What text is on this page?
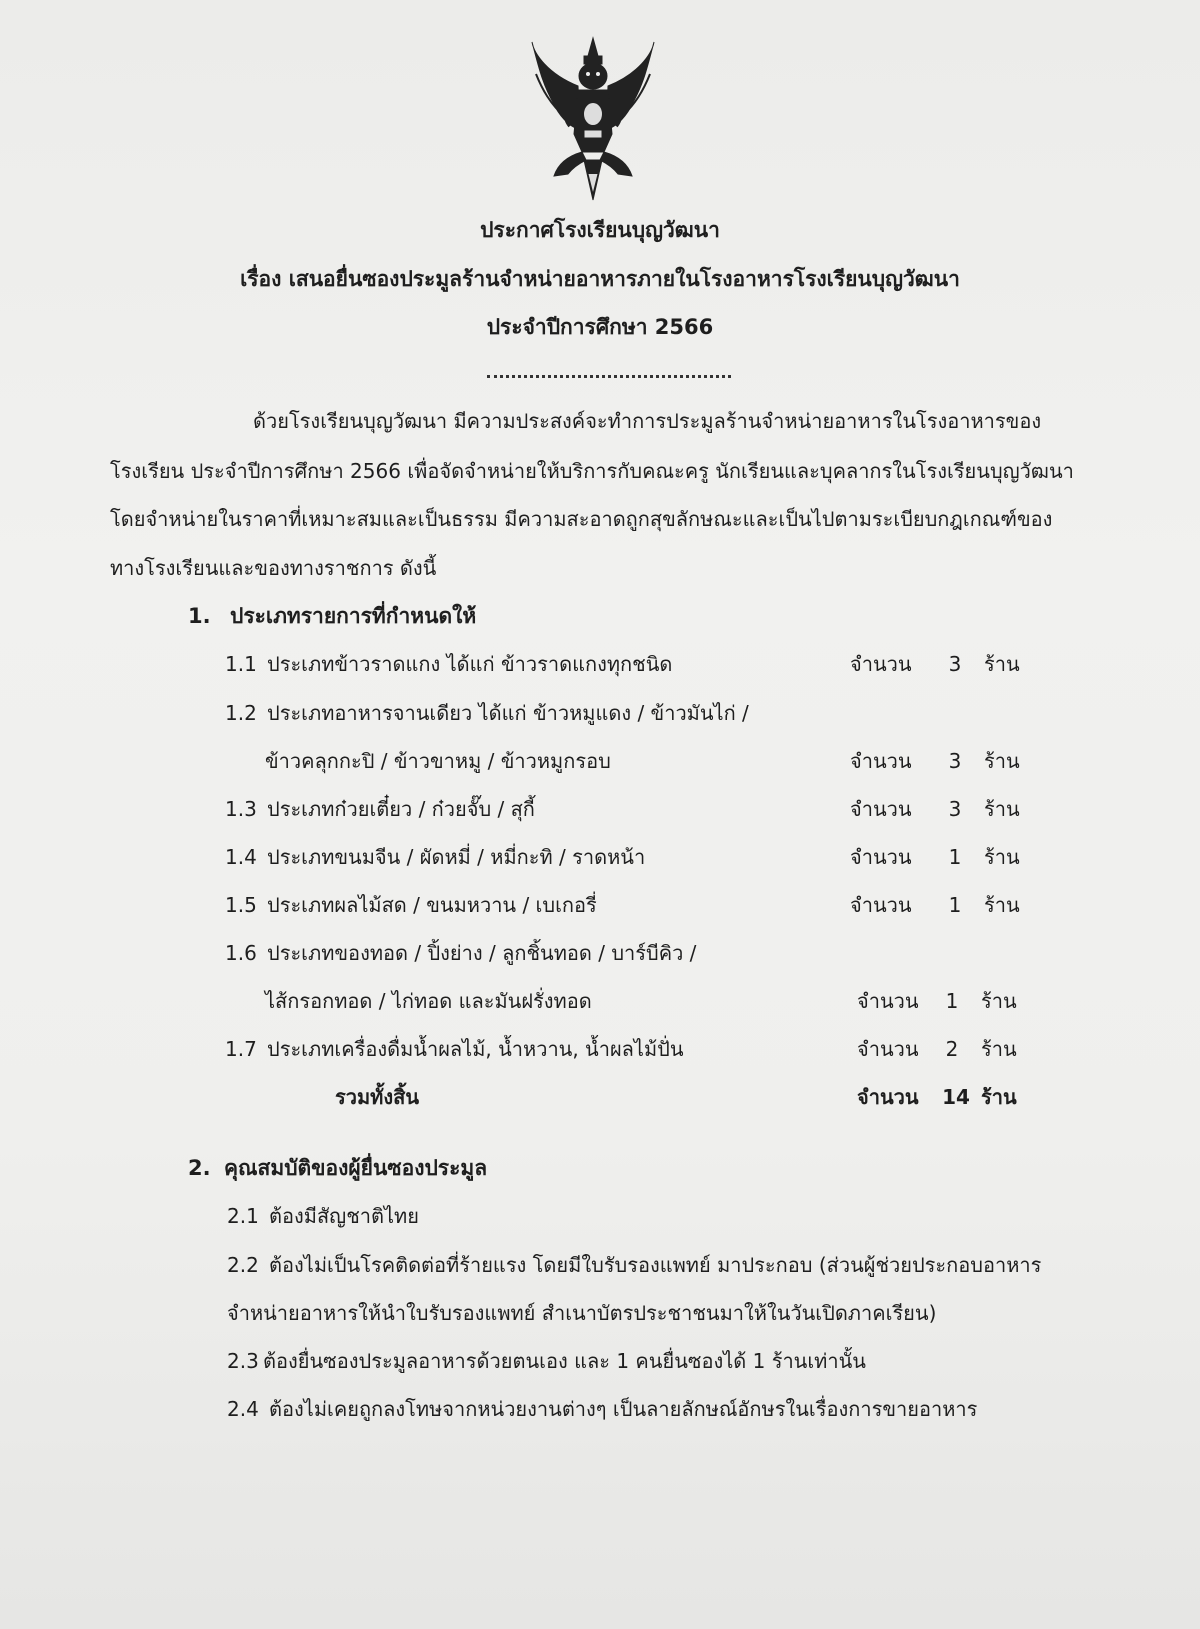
ประกาศโรงเรียนบุญวัฒนา
เรื่อง เสนอยื่นซองประมูลร้านจำหน่ายอาหารภายในโรงอาหารโรงเรียนบุญวัฒนา
ประจำปีการศึกษา 2566
ด้วยโรงเรียนบุญวัฒนา มีความประสงค์จะทำการประมูลร้านจำหน่ายอาหารในโรงอาหารของ
โรงเรียน ประจำปีการศึกษา 2566 เพื่อจัดจำหน่ายให้บริการกับคณะครู นักเรียนและบุคลากรในโรงเรียนบุญวัฒนา
โดยจำหน่ายในราคาที่เหมาะสมและเป็นธรรม มีความสะอาดถูกสุขลักษณะและเป็นไปตามระเบียบกฎเกณฑ์ของ
ทางโรงเรียนและของทางราชการ ดังนี้
1. ประเภทรายการที่กำหนดให้
1.1 ประเภทข้าวราดแกง ได้แก่ ข้าวราดแกงทุกชนิด	จำนวน 3 ร้าน
1.2 ประเภทอาหารจานเดียว ได้แก่ ข้าวหมูแดง / ข้าวมันไก่ /
ข้าวคลุกกะปิ / ข้าวขาหมู / ข้าวหมูกรอบ	จำนวน 3 ร้าน
1.3 ประเภทก๋วยเตี๋ยว / ก๋วยจั๊บ / สุกี้	จำนวน 3 ร้าน
1.4 ประเภทขนมจีน / ผัดหมี่ / หมี่กะทิ / ราดหน้า	จำนวน 1 ร้าน
1.5 ประเภทผลไม้สด / ขนมหวาน / เบเกอรี่	จำนวน 1 ร้าน
1.6 ประเภทของทอด / ปิ้งย่าง / ลูกชิ้นทอด / บาร์บีคิว /
ไส้กรอกทอด / ไก่ทอด และมันฝรั่งทอด	จำนวน 1 ร้าน
1.7 ประเภทเครื่องดื่มน้ำผลไม้, น้ำหวาน, น้ำผลไม้ปั่น	จำนวน 2 ร้าน
รวมทั้งสิ้น	จำนวน 14 ร้าน
2. คุณสมบัติของผู้ยื่นซองประมูล
2.1 ต้องมีสัญชาติไทย
2.2 ต้องไม่เป็นโรคติดต่อที่ร้ายแรง โดยมีใบรับรองแพทย์ มาประกอบ (ส่วนผู้ช่วยประกอบอาหาร
จำหน่ายอาหารให้นำใบรับรองแพทย์ สำเนาบัตรประชาชนมาให้ในวันเปิดภาคเรียน)
2.3 ต้องยื่นซองประมูลอาหารด้วยตนเอง และ 1 คนยื่นซองได้ 1 ร้านเท่านั้น
2.4 ต้องไม่เคยถูกลงโทษจากหน่วยงานต่างๆ เป็นลายลักษณ์อักษรในเรื่องการขายอาหาร
